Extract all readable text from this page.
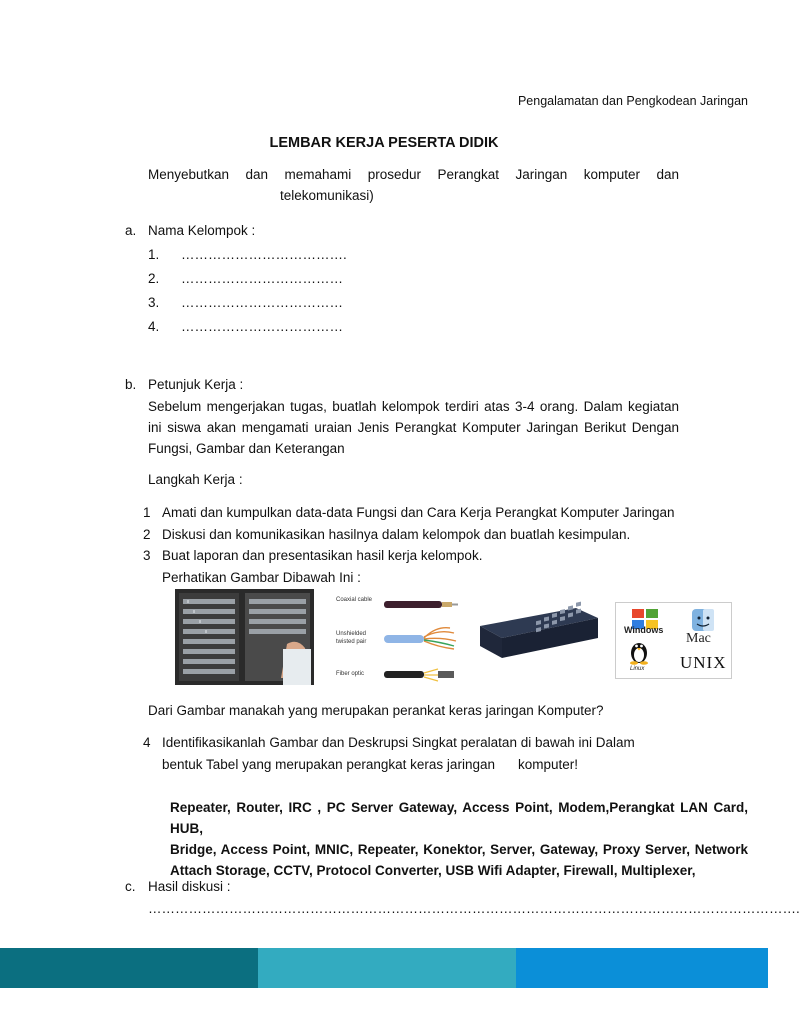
Pengalamatan dan Pengkodean Jaringan
LEMBAR KERJA PESERTA DIDIK
Menyebutkan dan memahami prosedur Perangkat Jaringan komputer dan
telekomunikasi)
a. Nama Kelompok :
1. ……………………………….
2. ………………………………
3. ………………………………
4. ………………………………
b. Petunjuk Kerja :
Sebelum mengerjakan tugas, buatlah kelompok terdiri atas 3-4 orang. Dalam kegiatan
ini siswa akan mengamati uraian Jenis Perangkat Komputer Jaringan Berikut Dengan
Fungsi, Gambar dan Keterangan
Langkah Kerja :
1 Amati dan kumpulkan data-data Fungsi dan Cara Kerja Perangkat Komputer Jaringan
2 Diskusi dan komunikasikan hasilnya dalam kelompok dan buatlah kesimpulan.
3 Buat laporan dan presentasikan hasil kerja kelompok.
Perhatikan Gambar Dibawah Ini :
Coaxial cable
Unshielded
twisted pair
Fiber optic
Windows
Mac
Linux UNIX
Dari Gambar manakah yang merupakan perankat keras jaringan Komputer?
4 Identifikasikanlah Gambar dan Deskrupsi Singkat peralatan di bawah ini Dalam
bentuk Tabel yang merupakan perangkat keras jaringan komputer!
Repeater, Router, IRC , PC Server Gateway, Access Point, Modem,Perangkat LAN Card, HUB,
Bridge, Access Point, MNIC, Repeater, Konektor, Server, Gateway, Proxy Server, Network
Attach Storage, CCTV, Protocol Converter, USB Wifi Adapter, Firewall, Multiplexer,
c. Hasil diskusi :
……………………………………………………………………………………………………………………………….
